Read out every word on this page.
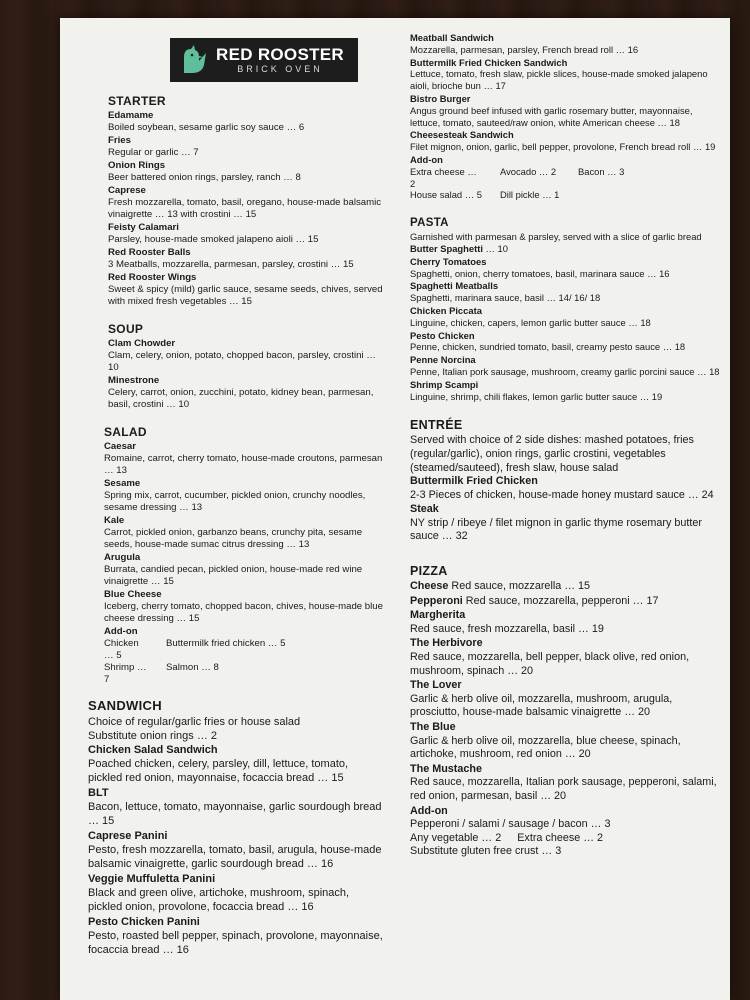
RED ROOSTER
BRICK OVEN
STARTER
Edamame
Boiled soybean, sesame garlic soy sauce … 6
Fries
Regular or garlic … 7
Onion Rings
Beer battered onion rings, parsley, ranch … 8
Caprese
Fresh mozzarella, tomato, basil, oregano, house-made balsamic vinaigrette … 13 with crostini … 15
Feisty Calamari
Parsley, house-made smoked jalapeno aioli … 15
Red Rooster Balls
3 Meatballs, mozzarella, parmesan, parsley, crostini … 15
Red Rooster Wings
Sweet & spicy (mild) garlic sauce, sesame seeds, chives, served with mixed fresh vegetables … 15
SOUP
Clam Chowder
Clam, celery, onion, potato, chopped bacon, parsley, crostini … 10
Minestrone
Celery, carrot, onion, zucchini, potato, kidney bean, parmesan, basil, crostini … 10
SALAD
Caesar
Romaine, carrot, cherry tomato, house-made croutons, parmesan … 13
Sesame
Spring mix, carrot, cucumber, pickled onion, crunchy noodles, sesame dressing … 13
Kale
Carrot, pickled onion, garbanzo beans, crunchy pita, sesame seeds, house-made sumac citrus dressing … 13
Arugula
Burrata, candied pecan, pickled onion, house-made red wine vinaigrette … 15
Blue Cheese
Iceberg, cherry tomato, chopped bacon, chives, house-made blue cheese dressing … 15
Add-on
Chicken … 5
Buttermilk fried chicken … 5
Shrimp … 7
Salmon … 8
SANDWICH
Choice of regular/garlic fries or house salad
Substitute onion rings … 2
Chicken Salad Sandwich
Poached chicken, celery, parsley, dill, lettuce, tomato, pickled red onion, mayonnaise, focaccia bread … 15
BLT
Bacon, lettuce, tomato, mayonnaise, garlic sourdough bread … 15
Caprese Panini
Pesto, fresh mozzarella, tomato, basil, arugula, house-made balsamic vinaigrette, garlic sourdough bread … 16
Veggie Muffuletta Panini
Black and green olive, artichoke, mushroom, spinach, pickled onion, provolone, focaccia bread … 16
Pesto Chicken Panini
Pesto, roasted bell pepper, spinach, provolone, mayonnaise, focaccia bread … 16
Meatball Sandwich
Mozzarella, parmesan, parsley, French bread roll … 16
Buttermilk Fried Chicken Sandwich
Lettuce, tomato, fresh slaw, pickle slices, house-made smoked jalapeno aioli, brioche bun … 17
Bistro Burger
Angus ground beef infused with garlic rosemary butter, mayonnaise, lettuce, tomato, sauteed/raw onion, white American cheese … 18
Cheesesteak Sandwich
Filet mignon, onion, garlic, bell pepper, provolone, French bread roll … 19
Add-on
Extra cheese … 2
Avocado … 2	Bacon … 3
House salad … 5 Dill pickle … 1
PASTA
Garnished with parmesan & parsley, served with a slice of garlic bread
Butter Spaghetti … 10
Cherry Tomatoes
Spaghetti, onion, cherry tomatoes, basil, marinara sauce … 16
Spaghetti Meatballs
Spaghetti, marinara sauce, basil … 14/ 16/ 18
Chicken Piccata
Linguine, chicken, capers, lemon garlic butter sauce … 18
Pesto Chicken
Penne, chicken, sundried tomato, basil, creamy pesto sauce … 18
Penne Norcina
Penne, Italian pork sausage, mushroom, creamy garlic porcini sauce … 18
Shrimp Scampi
Linguine, shrimp, chili flakes, lemon garlic butter sauce … 19
ENTRÉE
Served with choice of 2 side dishes: mashed potatoes, fries (regular/garlic), onion rings, garlic crostini, vegetables (steamed/sauteed), fresh slaw, house salad
Buttermilk Fried Chicken
2-3 Pieces of chicken, house-made honey mustard sauce … 24
Steak
NY strip / ribeye / filet mignon in garlic thyme rosemary butter sauce … 32
PIZZA
Cheese Red sauce, mozzarella … 15
Pepperoni Red sauce, mozzarella, pepperoni … 17
Margherita
Red sauce, fresh mozzarella, basil … 19
The Herbivore
Red sauce, mozzarella, bell pepper, black olive, red onion, mushroom, spinach … 20
The Lover
Garlic & herb olive oil, mozzarella, mushroom, arugula, prosciutto, house-made balsamic vinaigrette … 20
The Blue
Garlic & herb olive oil, mozzarella, blue cheese, spinach, artichoke, mushroom, red onion … 20
The Mustache
Red sauce, mozzarella, Italian pork sausage, pepperoni, salami, red onion, parmesan, basil … 20
Add-on
Pepperoni / salami / sausage / bacon … 3
Any vegetable … 2 Extra cheese … 2
Substitute gluten free crust … 3
